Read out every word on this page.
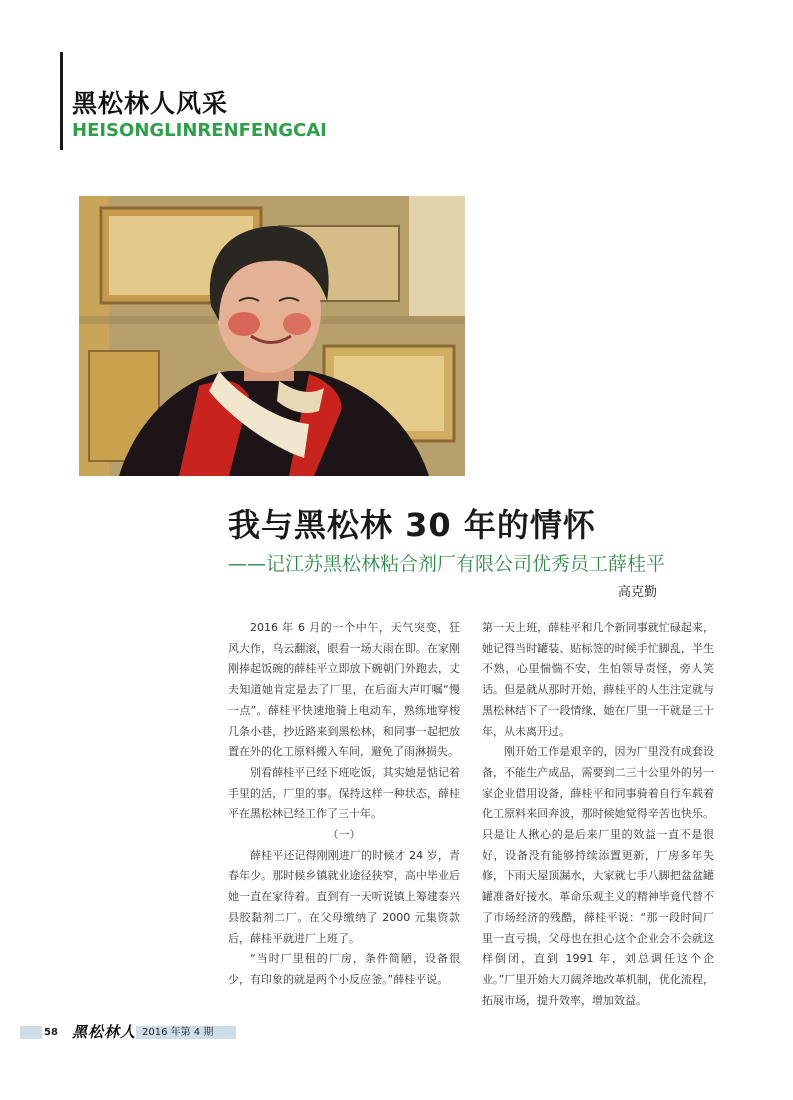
黑松林人风采
HEISONGLINRENFENGCAI
我与黑松林 30 年的情怀
——记江苏黑松林粘合剂厂有限公司优秀员工薛桂平
高克勤

2016 年 6 月的一个中午，天气突变，狂风大作，乌云翻滚，眼看一场大雨在即。在家刚刚捧起饭碗的薛桂平立即放下碗朝门外跑去，丈夫知道她肯定是去了厂里，在后面大声叮嘱“慢一点”。薛桂平快速地骑上电动车，熟练地穿梭几条小巷，抄近路来到黑松林，和同事一起把放置在外的化工原料搬入车间，避免了雨淋损失。

别看薛桂平已经下班吃饭，其实她是惦记着手里的活，厂里的事。保持这样一种状态，薛桂平在黑松林已经工作了三十年。

（一）

薛桂平还记得刚刚进厂的时候才 24 岁，青春年少。那时候乡镇就业途径狭窄，高中毕业后她一直在家待着。直到有一天听说镇上筹建泰兴县胶黏剂二厂。在父母缴纳了 2000 元集资款后，薛桂平就进厂上班了。

“当时厂里租的厂房，条件简陋，设备很少，有印象的就是两个小反应釜。”薛桂平说。

第一天上班，薛桂平和几个新同事就忙碌起来，她记得当时罐装、贴标签的时候手忙脚乱，半生不熟，心里惴惴不安，生怕领导责怪，旁人笑话。但是就从那时开始，薛桂平的人生注定就与黑松林结下了一段情缘，她在厂里一干就是三十年，从未离开过。

刚开始工作是艰辛的，因为厂里没有成套设备，不能生产成品，需要到二三十公里外的另一家企业借用设备，薛桂平和同事骑着自行车载着化工原料来回奔波，那时候她觉得辛苦也快乐。只是让人揪心的是后来厂里的效益一直不是很好，设备没有能够持续添置更新，厂房多年失修，下雨天屋顶漏水，大家就七手八脚把盆盆罐罐准备好接水。革命乐观主义的精神毕竟代替不了市场经济的残酷，薛桂平说：“那一段时间厂里一直亏损，父母也在担心这个企业会不会就这样倒闭，直到 1991 年，刘总调任这个企业。”厂里开始大刀阔斧地改革机制，优化流程，拓展市场，提升效率，增加效益。

58 黑松林人 2016 年第 4 期
